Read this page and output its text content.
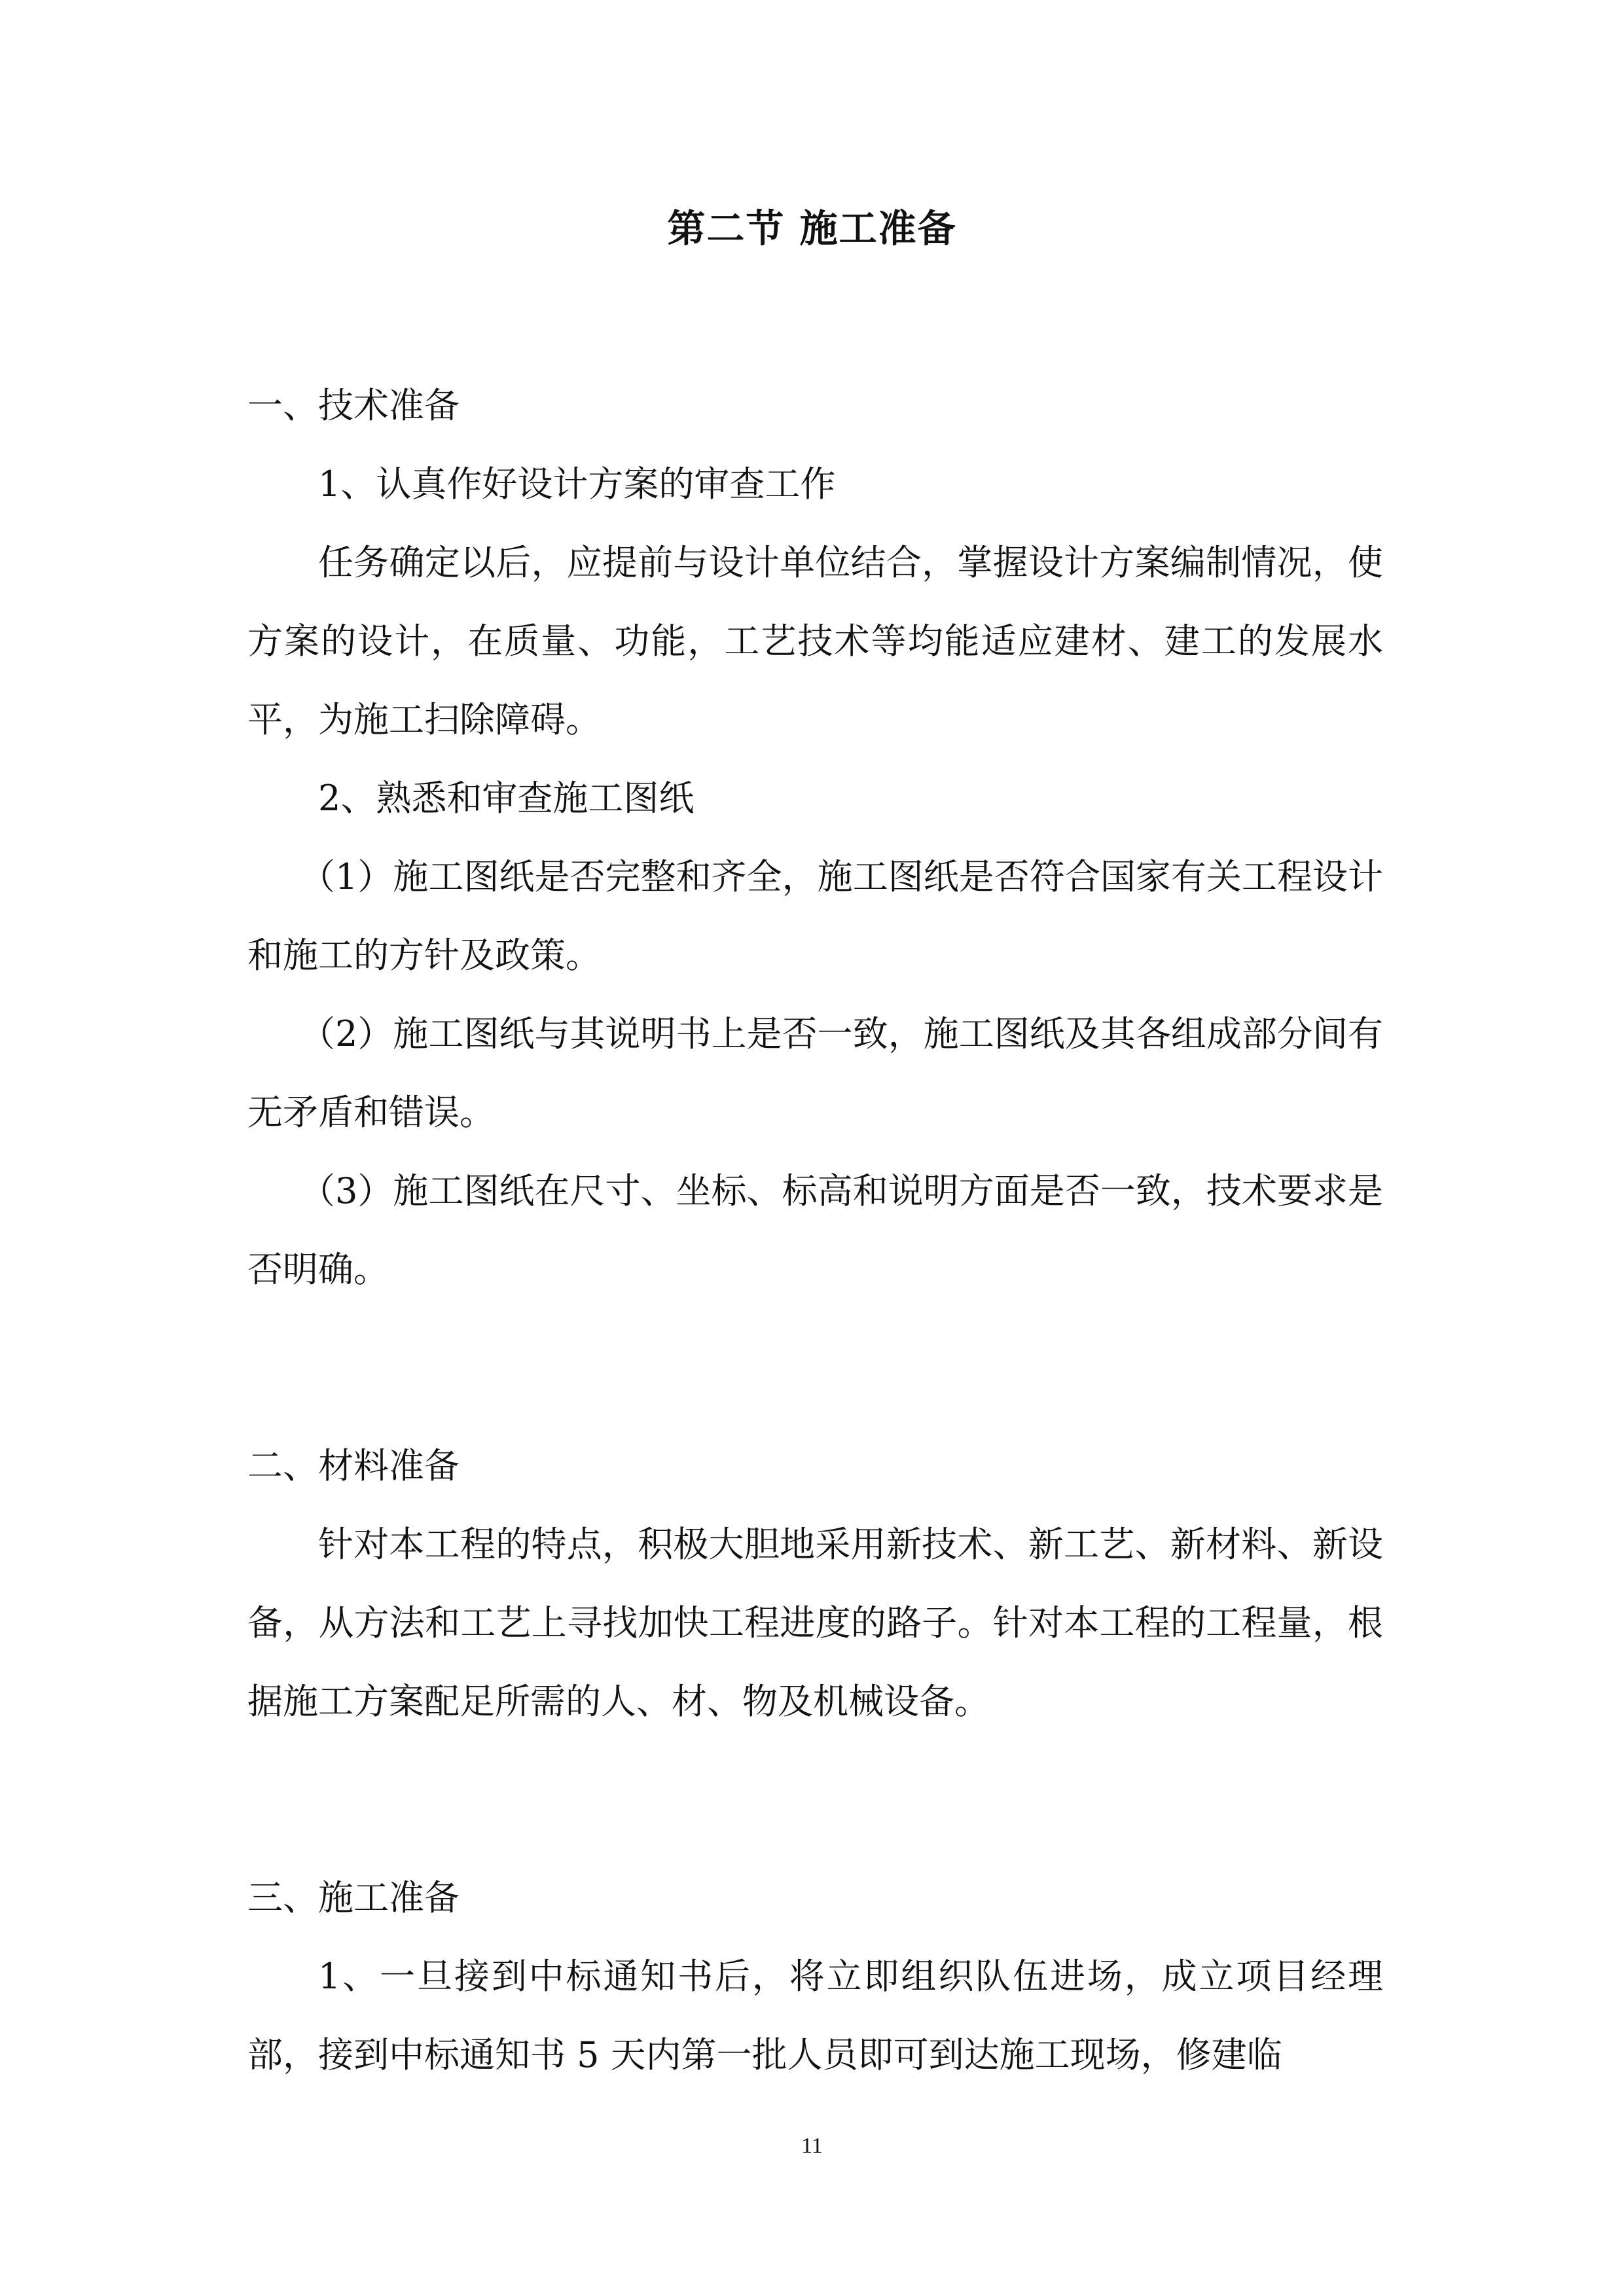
第二节 施工准备

一、技术准备

1、认真作好设计方案的审查工作

任务确定以后，应提前与设计单位结合，掌握设计方案编制情况，使方案的设计，在质量、功能，工艺技术等均能适应建材、建工的发展水平，为施工扫除障碍。

2、熟悉和审查施工图纸

（1）施工图纸是否完整和齐全，施工图纸是否符合国家有关工程设计和施工的方针及政策。

（2）施工图纸与其说明书上是否一致，施工图纸及其各组成部分间有无矛盾和错误。

（3）施工图纸在尺寸、坐标、标高和说明方面是否一致，技术要求是否明确。

二、材料准备

针对本工程的特点，积极大胆地采用新技术、新工艺、新材料、新设备，从方法和工艺上寻找加快工程进度的路子。针对本工程的工程量，根据施工方案配足所需的人、材、物及机械设备。

三、施工准备

1、一旦接到中标通知书后，将立即组织队伍进场，成立项目经理部，接到中标通知书 5 天内第一批人员即可到达施工现场，修建临

11
